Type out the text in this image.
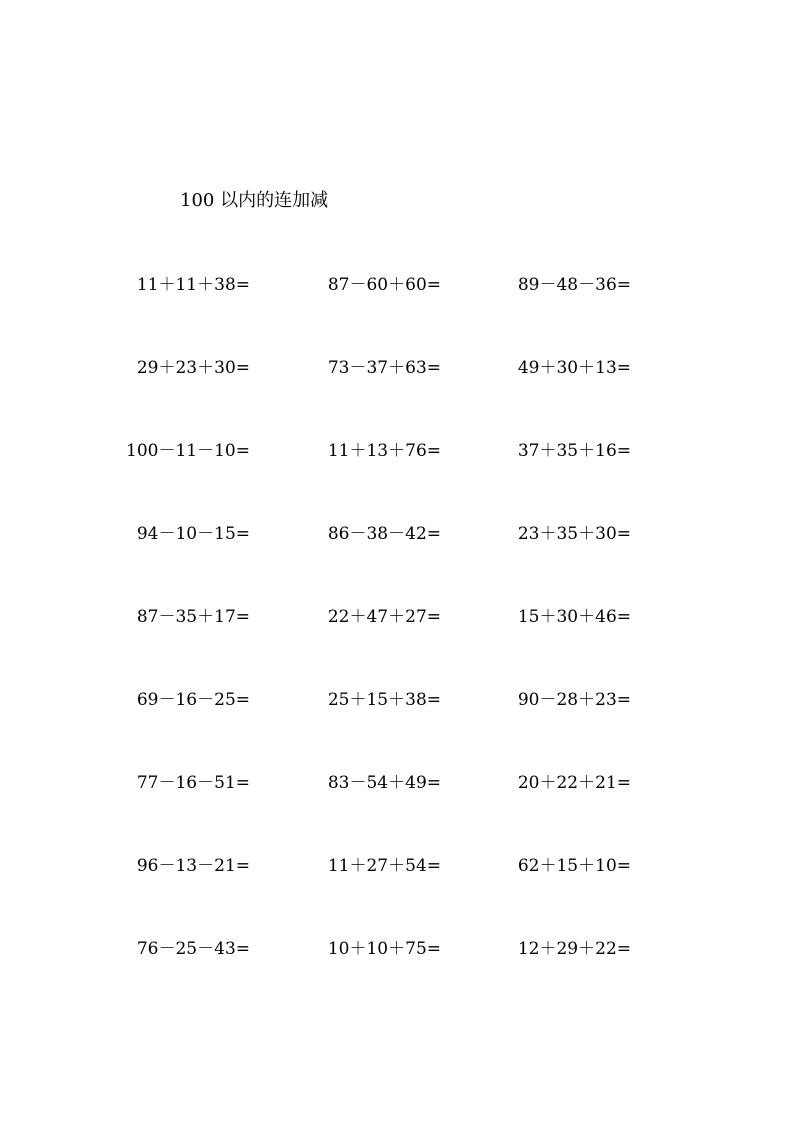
100 以内的连加减
11＋11＋38=	87－60＋60=	89－48－36=
29＋23＋30=	73－37＋63=	49＋30＋13=
100－11－10=	11＋13＋76=	37＋35＋16=
94－10－15=	86－38－42=	23＋35＋30=
87－35＋17=	22＋47＋27=	15＋30＋46=
69－16－25=	25＋15＋38=	90－28＋23=
77－16－51=	83－54＋49=	20＋22＋21=
96－13－21=	11＋27＋54=	62＋15＋10=
76－25－43=	10＋10＋75=	12＋29＋22=
